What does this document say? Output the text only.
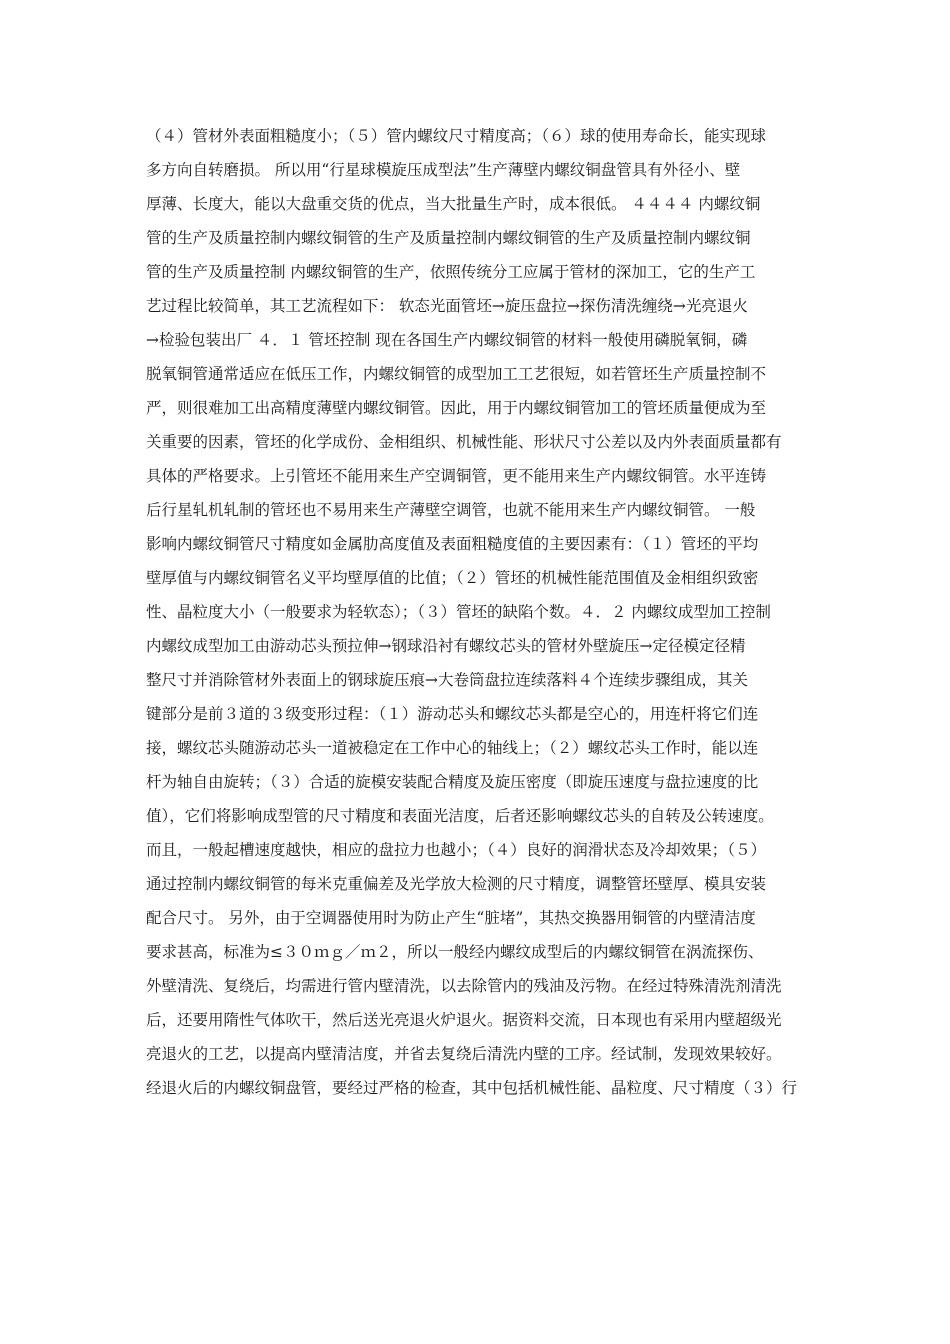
（４）管材外表面粗糙度小；（５）管内螺纹尺寸精度高；（６）球的使用寿命长，能实现球
多方向自转磨损。 所以用“行星球模旋压成型法”生产薄壁内螺纹铜盘管具有外径小、壁
厚薄、长度大，能以大盘重交货的优点，当大批量生产时，成本很低。 ４４４４ 内螺纹铜
管的生产及质量控制内螺纹铜管的生产及质量控制内螺纹铜管的生产及质量控制内螺纹铜
管的生产及质量控制 内螺纹铜管的生产，依照传统分工应属于管材的深加工，它的生产工
艺过程比较简单，其工艺流程如下： 软态光面管坯→旋压盘拉→探伤清洗缠绕→光亮退火
→检验包装出厂 ４．１ 管坯控制 现在各国生产内螺纹铜管的材料一般使用磷脱氧铜，磷
脱氧铜管通常适应在低压工作，内螺纹铜管的成型加工工艺很短，如若管坯生产质量控制不
严，则很难加工出高精度薄壁内螺纹铜管。因此，用于内螺纹铜管加工的管坯质量便成为至
关重要的因素，管坯的化学成份、金相组织、机械性能、形状尺寸公差以及内外表面质量都有
具体的严格要求。上引管坯不能用来生产空调铜管，更不能用来生产内螺纹铜管。水平连铸
后行星轧机轧制的管坯也不易用来生产薄壁空调管，也就不能用来生产内螺纹铜管。 一般
影响内螺纹铜管尺寸精度如金属肋高度值及表面粗糙度值的主要因素有：（１）管坯的平均
壁厚值与内螺纹铜管名义平均壁厚值的比值；（２）管坯的机械性能范围值及金相组织致密
性、晶粒度大小（一般要求为轻软态）；（３）管坯的缺陷个数。４．２ 内螺纹成型加工控制
内螺纹成型加工由游动芯头预拉伸→钢球沿衬有螺纹芯头的管材外壁旋压→定径模定径精
整尺寸并消除管材外表面上的钢球旋压痕→大卷筒盘拉连续落料４个连续步骤组成，其关
键部分是前３道的３级变形过程：（１）游动芯头和螺纹芯头都是空心的，用连杆将它们连
接，螺纹芯头随游动芯头一道被稳定在工作中心的轴线上；（２）螺纹芯头工作时，能以连
杆为轴自由旋转；（３）合适的旋模安装配合精度及旋压密度（即旋压速度与盘拉速度的比
值），它们将影响成型管的尺寸精度和表面光洁度，后者还影响螺纹芯头的自转及公转速度。
而且，一般起槽速度越快，相应的盘拉力也越小；（４）良好的润滑状态及冷却效果；（５）
通过控制内螺纹铜管的每米克重偏差及光学放大检测的尺寸精度，调整管坯壁厚、模具安装
配合尺寸。 另外，由于空调器使用时为防止产生“脏堵”，其热交换器用铜管的内壁清洁度
要求甚高，标准为≤３０ｍｇ／ｍ２，所以一般经内螺纹成型后的内螺纹铜管在涡流探伤、
外壁清洗、复绕后，均需进行管内壁清洗，以去除管内的残油及污物。在经过特殊清洗剂清洗
后，还要用隋性气体吹干，然后送光亮退火炉退火。据资料交流，日本现也有采用内壁超级光
亮退火的工艺，以提高内壁清洁度，并省去复绕后清洗内壁的工序。经试制，发现效果较好。
经退火后的内螺纹铜盘管，要经过严格的检查，其中包括机械性能、晶粒度、尺寸精度（３）行
